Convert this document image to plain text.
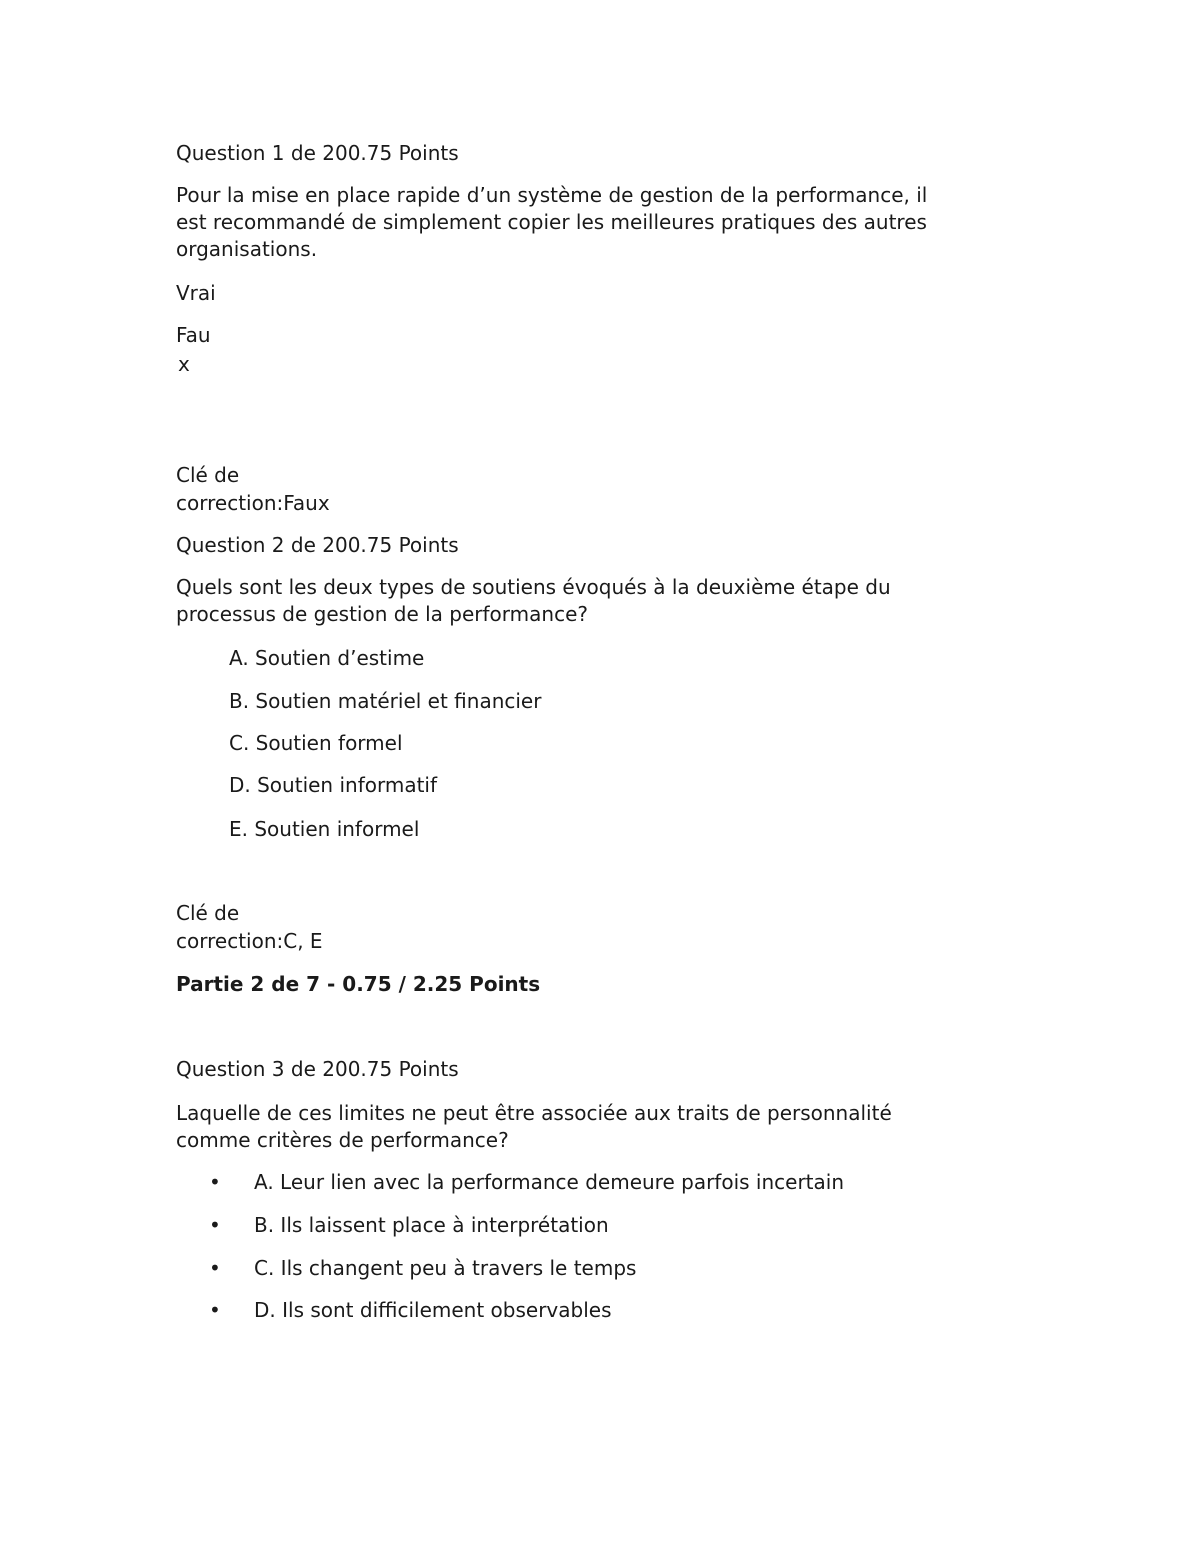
Question 1 de 200.75 Points
Pour la mise en place rapide d’un système de gestion de la performance, il
est recommandé de simplement copier les meilleures pratiques des autres
organisations.
Vrai
Fau
x
Clé de
correction:Faux
Question 2 de 200.75 Points
Quels sont les deux types de soutiens évoqués à la deuxième étape du
processus de gestion de la performance?
A. Soutien d’estime
B. Soutien matériel et financier
C. Soutien formel
D. Soutien informatif
E. Soutien informel
Clé de
correction:C, E
Partie 2 de 7 - 0.75 / 2.25 Points
Question 3 de 200.75 Points
Laquelle de ces limites ne peut être associée aux traits de personnalité
comme critères de performance?
• A. Leur lien avec la performance demeure parfois incertain
• B. Ils laissent place à interprétation
• C. Ils changent peu à travers le temps
• D. Ils sont difficilement observables
